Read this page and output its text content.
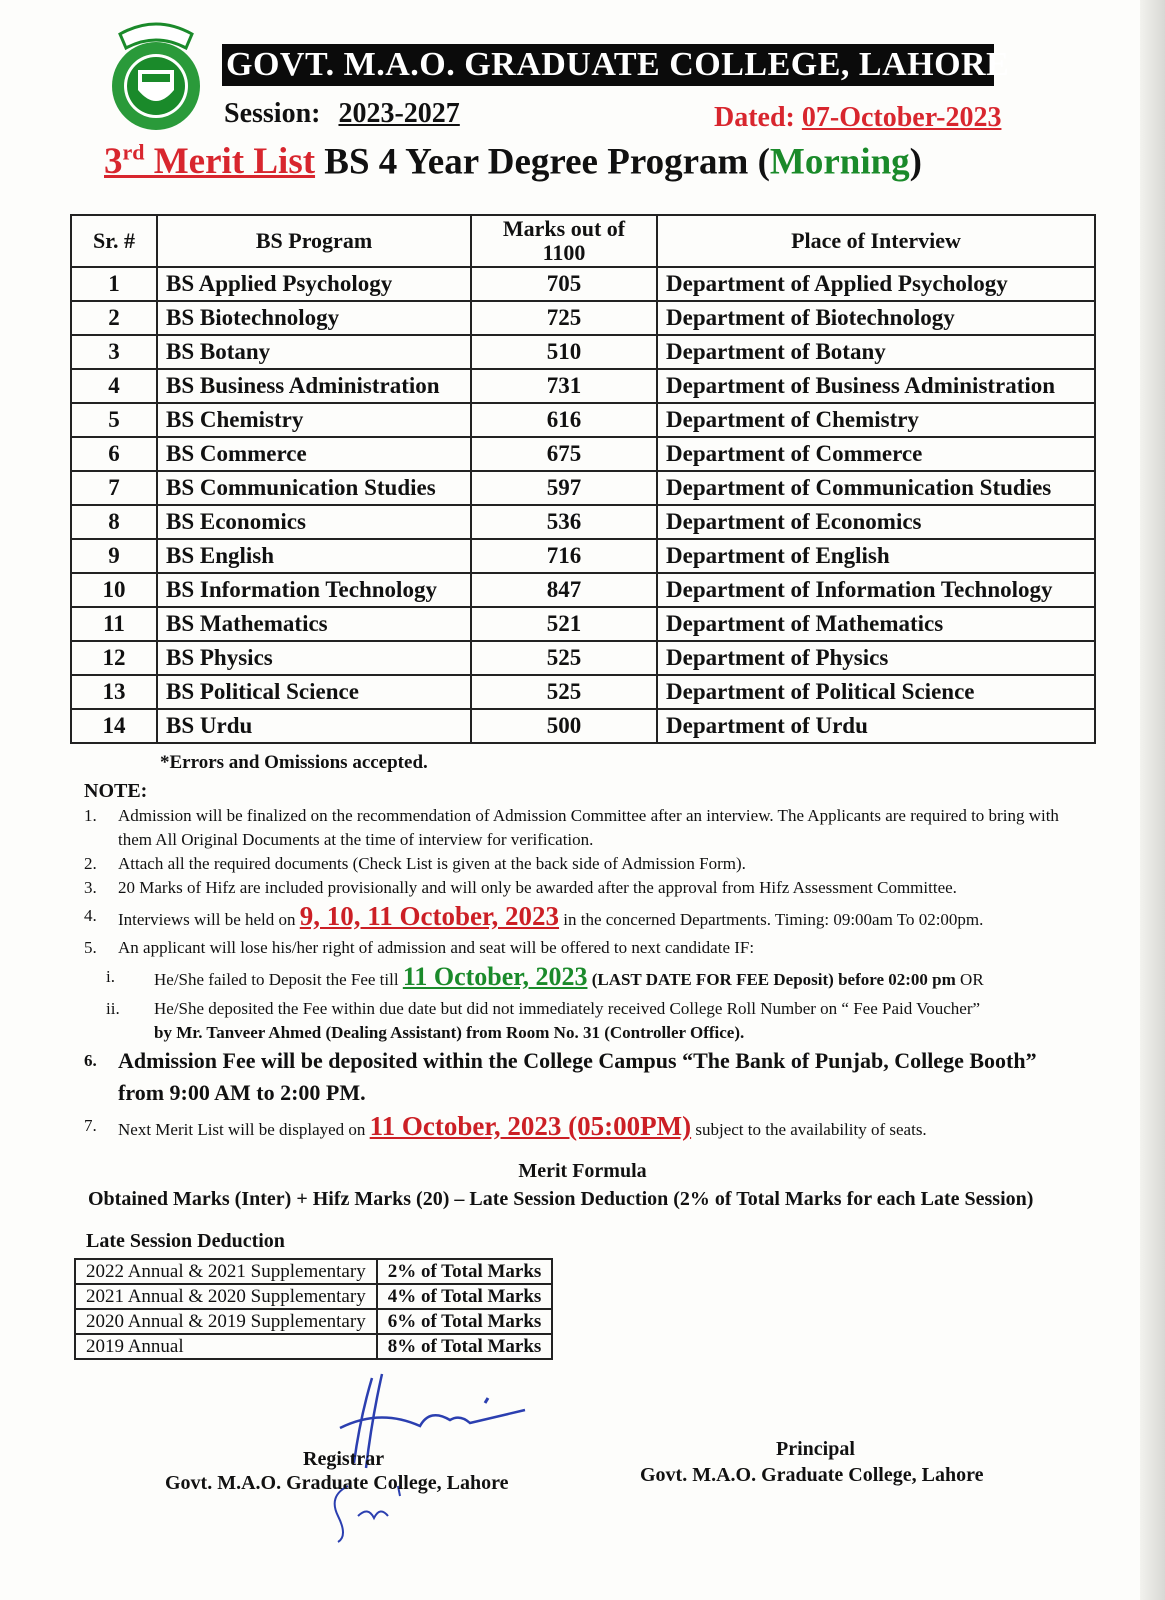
GOVT. M.A.O. GRADUATE COLLEGE, LAHORE
Session: 2023-2027	Dated: 07-October-2023
3rd Merit List BS 4 Year Degree Program (Morning)
Sr. #	BS Program	Marks out of 1100	Place of Interview
1	BS Applied Psychology	705	Department of Applied Psychology
2	BS Biotechnology	725	Department of Biotechnology
3	BS Botany	510	Department of Botany
4	BS Business Administration	731	Department of Business Administration
5	BS Chemistry	616	Department of Chemistry
6	BS Commerce	675	Department of Commerce
7	BS Communication Studies	597	Department of Communication Studies
8	BS Economics	536	Department of Economics
9	BS English	716	Department of English
10	BS Information Technology	847	Department of Information Technology
11	BS Mathematics	521	Department of Mathematics
12	BS Physics	525	Department of Physics
13	BS Political Science	525	Department of Political Science
14	BS Urdu	500	Department of Urdu
*Errors and Omissions accepted.
NOTE:
1.	Admission will be finalized on the recommendation of Admission Committee after an interview. The Applicants are required to bring with them All Original Documents at the time of interview for verification.
2.	Attach all the required documents (Check List is given at the back side of Admission Form).
3.	20 Marks of Hifz are included provisionally and will only be awarded after the approval from Hifz Assessment Committee.
4.	Interviews will be held on 9, 10, 11 October, 2023 in the concerned Departments. Timing: 09:00am To 02:00pm.
5.	An applicant will lose his/her right of admission and seat will be offered to next candidate IF:
i.	He/She failed to Deposit the Fee till 11 October, 2023 (LAST DATE FOR FEE Deposit) before 02:00 pm OR
ii.	He/She deposited the Fee within due date but did not immediately received College Roll Number on “ Fee Paid Voucher”
by Mr. Tanveer Ahmed (Dealing Assistant) from Room No. 31 (Controller Office).
6. Admission Fee will be deposited within the College Campus “The Bank of Punjab, College Booth” from 9:00 AM to 2:00 PM.
7.	Next Merit List will be displayed on 11 October, 2023 (05:00PM) subject to the availability of seats.
Merit Formula
Obtained Marks (Inter) + Hifz Marks (20) – Late Session Deduction (2% of Total Marks for each Late Session)
Late Session Deduction
2022 Annual & 2021 Supplementary	2% of Total Marks
2021 Annual & 2020 Supplementary	4% of Total Marks
2020 Annual & 2019 Supplementary	6% of Total Marks
2019 Annual	8% of Total Marks
Registrar
Govt. M.A.O. Graduate College, Lahore
Principal
Govt. M.A.O. Graduate College, Lahore
